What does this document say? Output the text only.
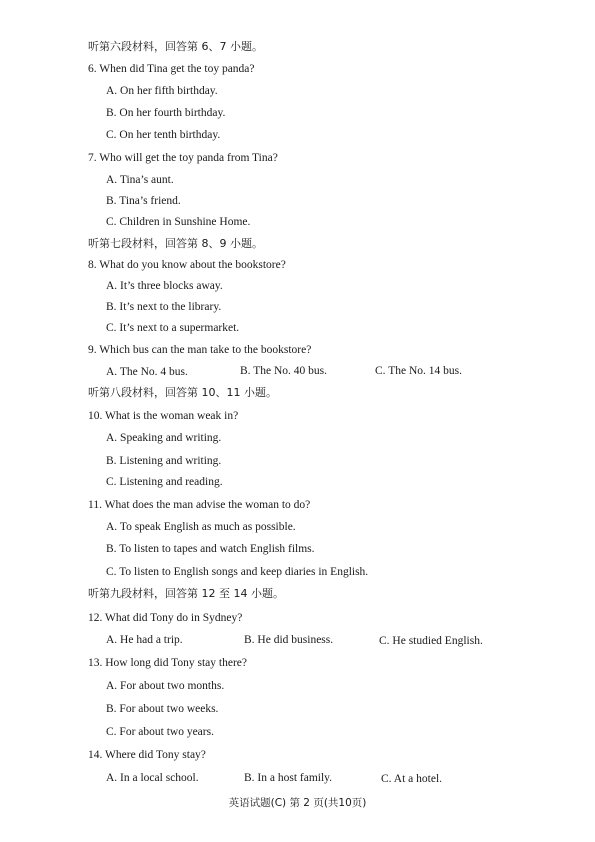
听第六段材料，回答第 6、7 小题。
6. When did Tina get the toy panda?
A. On her fifth birthday.
B. On her fourth birthday.
C. On her tenth birthday.
7. Who will get the toy panda from Tina?
A. Tina’s aunt.
B. Tina’s friend.
C. Children in Sunshine Home.
听第七段材料，回答第 8、9 小题。
8. What do you know about the bookstore?
A. It’s three blocks away.
B. It’s next to the library.
C. It’s next to a supermarket.
9. Which bus can the man take to the bookstore?
A. The No. 4 bus.	B. The No. 40 bus.	C. The No. 14 bus.
听第八段材料，回答第 10、11 小题。
10. What is the woman weak in?
A. Speaking and writing.
B. Listening and writing.
C. Listening and reading.
11. What does the man advise the woman to do?
A. To speak English as much as possible.
B. To listen to tapes and watch English films.
C. To listen to English songs and keep diaries in English.
听第九段材料，回答第 12 至 14 小题。
12. What did Tony do in Sydney?
A. He had a trip.	B. He did business.	C. He studied English.
13. How long did Tony stay there?
A. For about two months.
B. For about two weeks.
C. For about two years.
14. Where did Tony stay?
A. In a local school.	B. In a host family.	C. At a hotel.
英语试题(C) 第 2 页(共10页)
